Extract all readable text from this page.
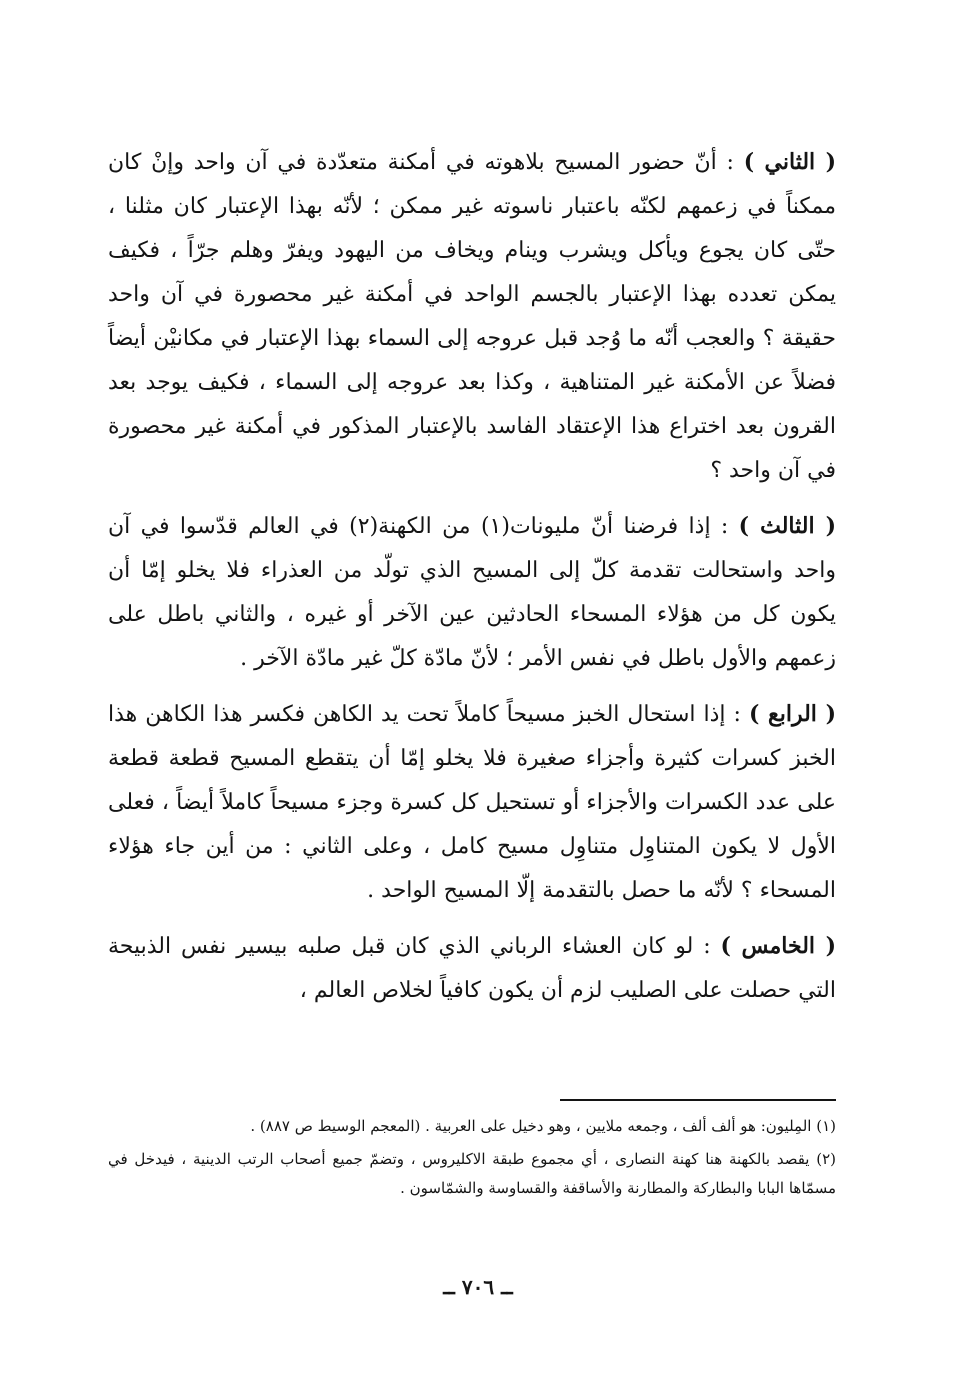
( الثاني ) : أنّ حضور المسيح بلاهوته في أمكنة متعدّدة في آن واحد وإنْ كان ممكناً في زعمهم لكنّه باعتبار ناسوته غير ممكن ؛ لأنّه بهذا الإعتبار كان مثلنا ، حتّى كان يجوع ويأكل ويشرب وينام ويخاف من اليهود ويفرّ وهلم جرّاً ، فكيف يمكن تعدده بهذا الإعتبار بالجسم الواحد في أمكنة غير محصورة في آن واحد حقيقة ؟ والعجب أنّه ما وُجد قبل عروجه إلى السماء بهذا الإعتبار في مكانيْن أيضاً فضلاً عن الأمكنة غير المتناهية ، وكذا بعد عروجه إلى السماء ، فكيف يوجد بعد القرون بعد اختراع هذا الإعتقاد الفاسد بالإعتبار المذكور في أمكنة غير محصورة في آن واحد ؟

( الثالث ) : إذا فرضنا أنّ مليونات(١) من الكهنة(٢) في العالم قدّسوا في آن واحد واستحالت تقدمة كلّ إلى المسيح الذي تولّد من العذراء فلا يخلو إمّا أن يكون كل من هؤلاء المسحاء الحادثين عين الآخر أو غيره ، والثاني باطل على زعمهم والأول باطل في نفس الأمر ؛ لأنّ مادّة كلّ غير مادّة الآخر .

( الرابع ) : إذا استحال الخبز مسيحاً كاملاً تحت يد الكاهن فكسر هذا الكاهن هذا الخبز كسرات كثيرة وأجزاء صغيرة فلا يخلو إمّا أن يتقطع المسيح قطعة قطعة على عدد الكسرات والأجزاء أو تستحيل كل كسرة وجزء مسيحاً كاملاً أيضاً ، فعلى الأول لا يكون المتناوِل متناوِل مسيح كامل ، وعلى الثاني : من أين جاء هؤلاء المسحاء ؟ لأنّه ما حصل بالتقدمة إلّا المسيح الواحد .

( الخامس ) : لو كان العشاء الرباني الذي كان قبل صلبه بيسير نفس الذبيحة التي حصلت على الصليب لزم أن يكون كافياً لخلاص العالم ،

(١) المِليون: هو ألف ألف ، وجمعه ملايين ، وهو دخيل على العربية . (المعجم الوسيط ص ٨٨٧) .

(٢) يقصد بالكهنة هنا كهنة النصارى ، أي مجموع طبقة الاكليروس ، وتضمّ جميع أصحاب الرتب الدينية ، فيدخل في مسمّاها البابا والبطاركة والمطارنة والأساقفة والقساوسة والشمّاسون .

ــ ٧٠٦ ــ
